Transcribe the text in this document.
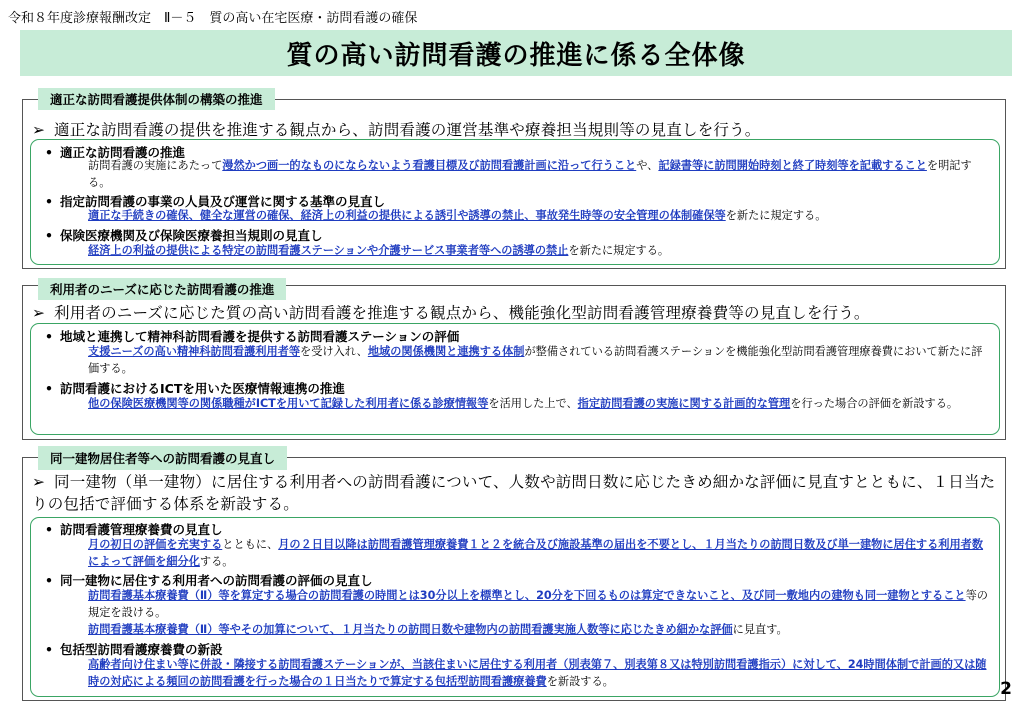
令和８年度診療報酬改定　Ⅱ－５　質の高い在宅医療・訪問看護の確保
質の高い訪問看護の推進に係る全体像
適正な訪問看護提供体制の構築の推進
➢ 適正な訪問看護の提供を推進する観点から、訪問看護の運営基準や療養担当規則等の見直しを行う。
• 適正な訪問看護の推進
訪問看護の実施にあたって漫然かつ画一的なものにならないよう看護目標及び訪問看護計画に沿って行うことや、記録書等に訪問開始時刻と終了時刻等を記載することを明記する。
• 指定訪問看護の事業の人員及び運営に関する基準の見直し
適正な手続きの確保、健全な運営の確保、経済上の利益の提供による誘引や誘導の禁止、事故発生時等の安全管理の体制確保等を新たに規定する。
• 保険医療機関及び保険医療養担当規則の見直し
経済上の利益の提供による特定の訪問看護ステーションや介護サービス事業者等への誘導の禁止を新たに規定する。
利用者のニーズに応じた訪問看護の推進
➢ 利用者のニーズに応じた質の高い訪問看護を推進する観点から、機能強化型訪問看護管理療養費等の見直しを行う。
• 地域と連携して精神科訪問看護を提供する訪問看護ステーションの評価
支援ニーズの高い精神科訪問看護利用者等を受け入れ、地域の関係機関と連携する体制が整備されている訪問看護ステーションを機能強化型訪問看護管理療養費において新たに評価する。
• 訪問看護におけるICTを用いた医療情報連携の推進
他の保険医療機関等の関係職種がICTを用いて記録した利用者に係る診療情報等を活用した上で、指定訪問看護の実施に関する計画的な管理を行った場合の評価を新設する。
同一建物居住者等への訪問看護の見直し
➢ 同一建物（単一建物）に居住する利用者への訪問看護について、人数や訪問日数に応じたきめ細かな評価に見直すとともに、１日当たりの包括で評価する体系を新設する。
• 訪問看護管理療養費の見直し
月の初日の評価を充実するとともに、月の２日目以降は訪問看護管理療養費１と２を統合及び施設基準の届出を不要とし、１月当たりの訪問日数及び単一建物に居住する利用者数によって評価を細分化する。
• 同一建物に居住する利用者への訪問看護の評価の見直し
訪問看護基本療養費（Ⅱ）等を算定する場合の訪問看護の時間とは30分以上を標準とし、20分を下回るものは算定できないこと、及び同一敷地内の建物も同一建物とすること等の規定を設ける。
訪問看護基本療養費（Ⅱ）等やその加算について、１月当たりの訪問日数や建物内の訪問看護実施人数等に応じたきめ細かな評価に見直す。
• 包括型訪問看護療養費の新設
高齢者向け住まい等に併設・隣接する訪問看護ステーションが、当該住まいに居住する利用者（別表第７、別表第８又は特別訪問看護指示）に対して、24時間体制で計画的又は随時の対応による頻回の訪問看護を行った場合の１日当たりで算定する包括型訪問看護療養費を新設する。	2
